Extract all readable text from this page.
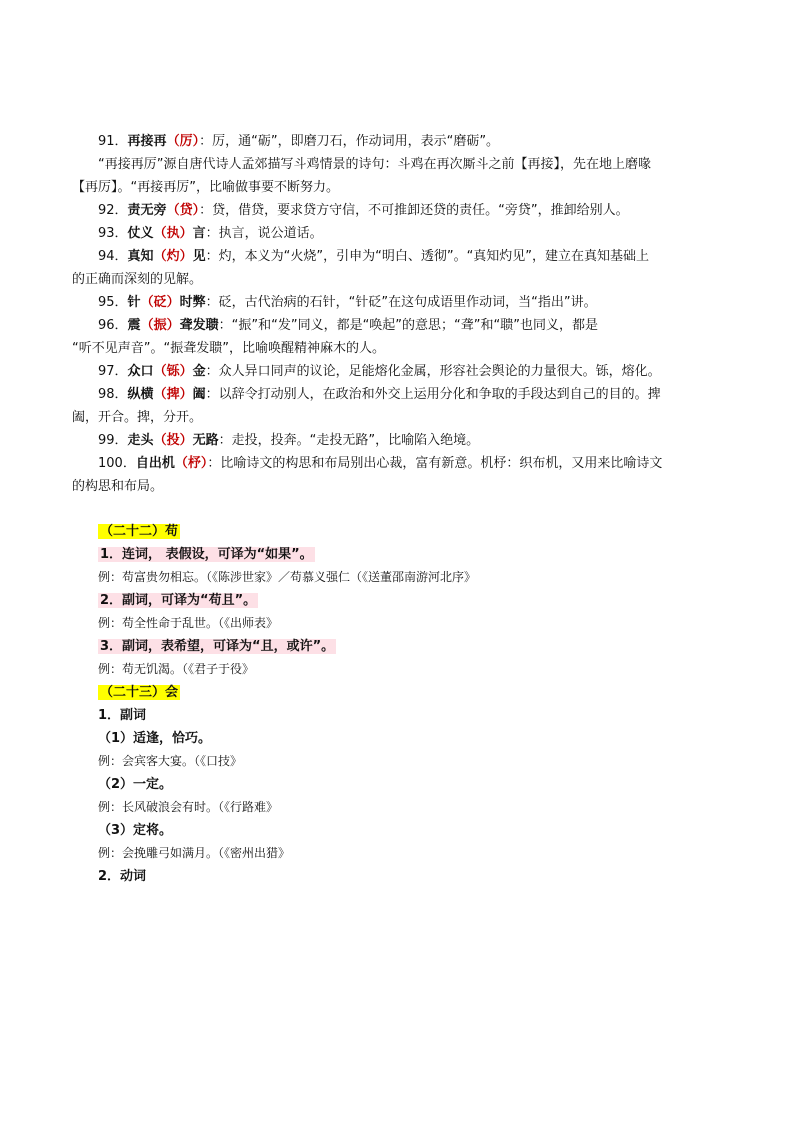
91．再接再（厉）：厉，通“砺”，即磨刀石，作动词用，表示“磨砺”。
“再接再厉”源自唐代诗人孟郊描写斗鸡情景的诗句：斗鸡在再次厮斗之前【再接】，先在地上磨喙
【再厉】。“再接再厉”，比喻做事要不断努力。
92．责无旁（贷）：贷，借贷，要求贷方守信，不可推卸还贷的责任。“旁贷”，推卸给别人。
93．仗义（执）言：执言，说公道话。
94．真知（灼）见：灼，本义为“火烧”，引申为“明白、透彻”。“真知灼见”，建立在真知基础上
的正确而深刻的见解。
95．针（砭）时弊：砭，古代治病的石针，“针砭”在这句成语里作动词，当“指出”讲。
96．震（振）聋发聩：“振”和“发”同义，都是“唤起”的意思；“聋”和“聩”也同义，都是
“听不见声音”。“振聋发聩”，比喻唤醒精神麻木的人。
97．众口（铄）金：众人异口同声的议论，足能熔化金属，形容社会舆论的力量很大。铄，熔化。
98．纵横（捭）阖：以辞令打动别人，在政治和外交上运用分化和争取的手段达到自己的目的。捭
阖，开合。捭，分开。
99．走头（投）无路：走投，投奔。“走投无路”，比喻陷入绝境。
100．自出机（杼）：比喻诗文的构思和布局别出心裁，富有新意。机杼：织布机，又用来比喻诗文
的构思和布局。
（二十二）苟
1．连词， 表假设，可译为“如果”。
例：苟富贵勿相忘。（《陈涉世家》／苟慕义强仁（《送董邵南游河北序》
2．副词，可译为“苟且”。
例：苟全性命于乱世。（《出师表》
3．副词，表希望，可译为“且，或许”。
例：苟无饥渴。（《君子于役》
（二十三）会
1．副词
（1）适逢，恰巧。
例：会宾客大宴。（《口技》
（2）一定。
例：长风破浪会有时。（《行路难》
（3）定将。
例：会挽雕弓如满月。（《密州出猎》
2．动词
